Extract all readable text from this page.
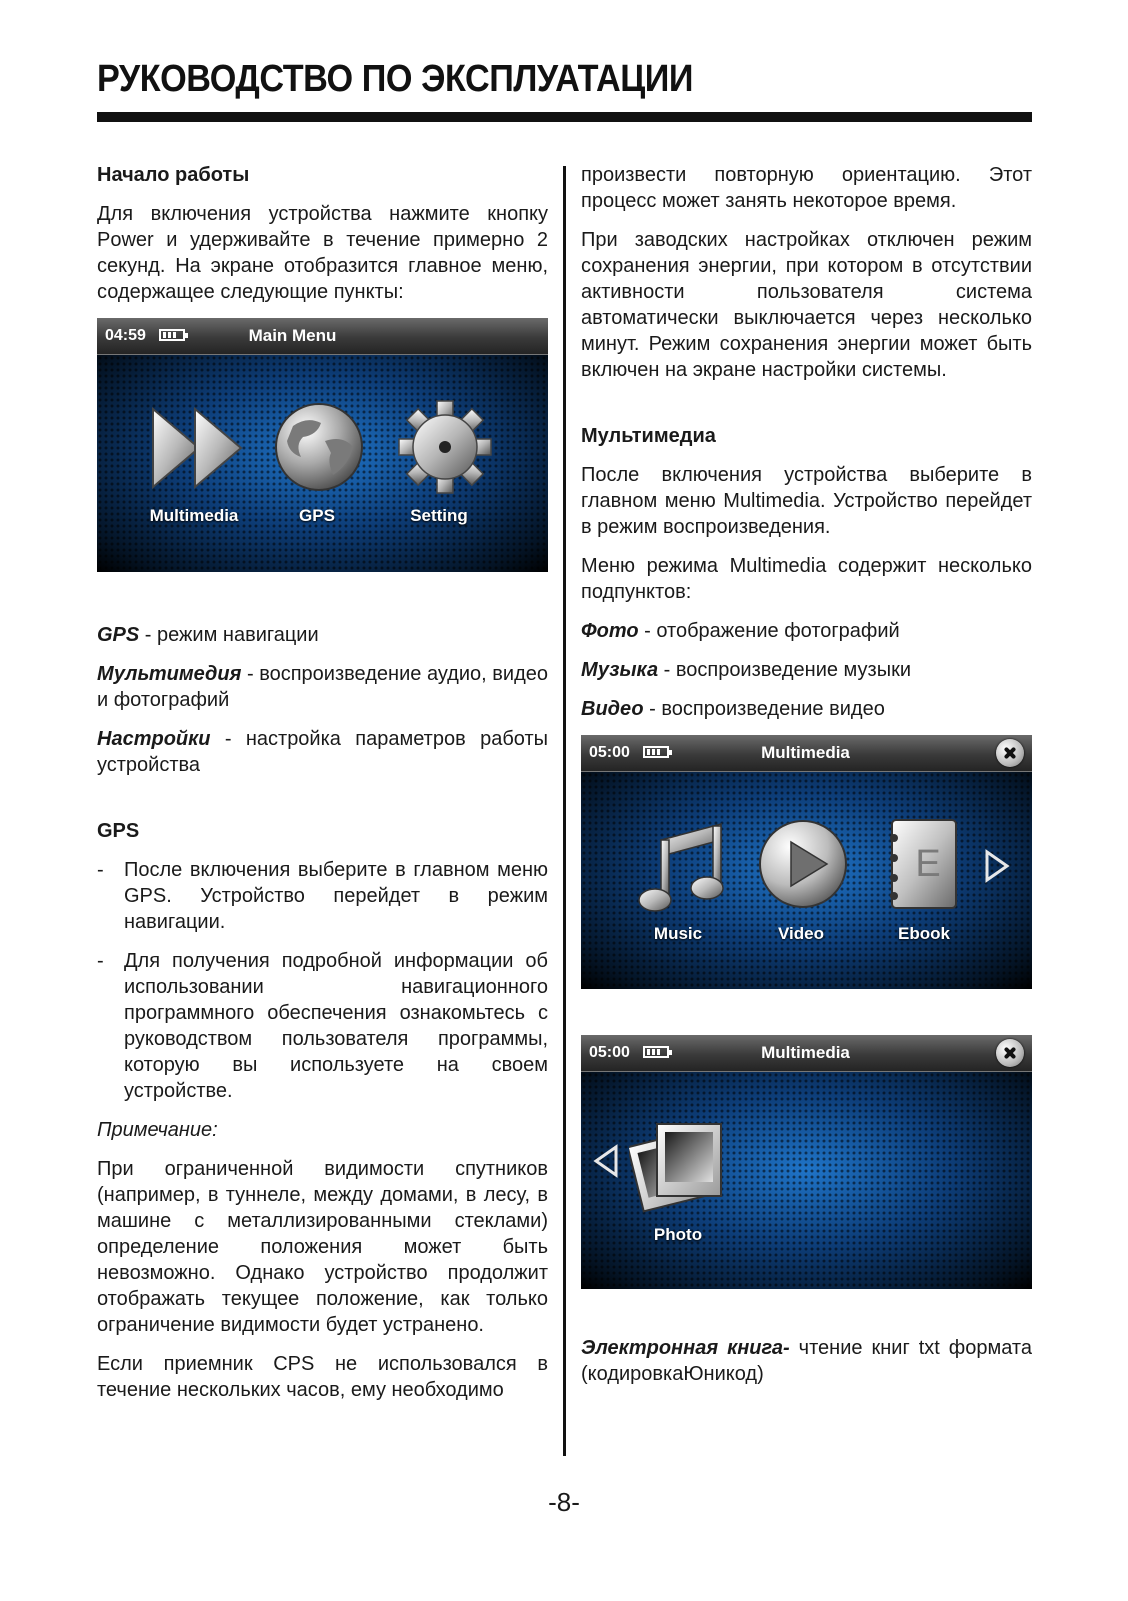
РУКОВОДСТВО ПО ЭКСПЛУАТАЦИИ
Начало работы

Для включения устройства нажмите кнопку Power и удерживайте в течение примерно 2 секунд. На экране отобразится главное меню, содержащее следующие пункты:

04:59	Main Menu
Multimedia	GPS	Setting

GPS - режим навигации

Мультимедия - воспроизведение аудио, видео и фотографий

Настройки - настройка параметров работы устройства

GPS
- После включения выберите в главном меню GPS. Устройство перейдет в режим навигации.
- Для получения подробной информации об использовании навигационного программного обеспечения ознакомьтесь с руководством пользователя программы, которую вы используете на своем устройстве.

Примечание:

При ограниченной видимости спутников (например, в туннеле, между домами, в лесу, в машине с металлизированными стеклами) определение положения может быть невозможно. Однако устройство продолжит отображать текущее положение, как только ограничение видимости будет устранено.

Если приемник CPS не использовался в течение нескольких часов, ему необходимо

произвести повторную ориентацию. Этот процесс может занять некоторое время.

При заводских настройках отключен режим сохранения энергии, при котором в отсутствии активности пользователя система автоматически выключается через несколько минут. Режим сохранения энергии может быть включен на экране настройки системы.

Мультимедиа

После включения устройства выберите в главном меню Multimedia. Устройство перейдет в режим воспроизведения.

Меню режима Multimedia содержит несколько подпунктов:

Фото - отображение фотографий

Музыка - воспроизведение музыки

Видео - воспроизведение видео

05:00	Multimedia
E
Music	Video	Ebook
05:00	Multimedia
Photo

Электронная книга- чтение книг txt формата (кодировкаЮникод)

-8-
